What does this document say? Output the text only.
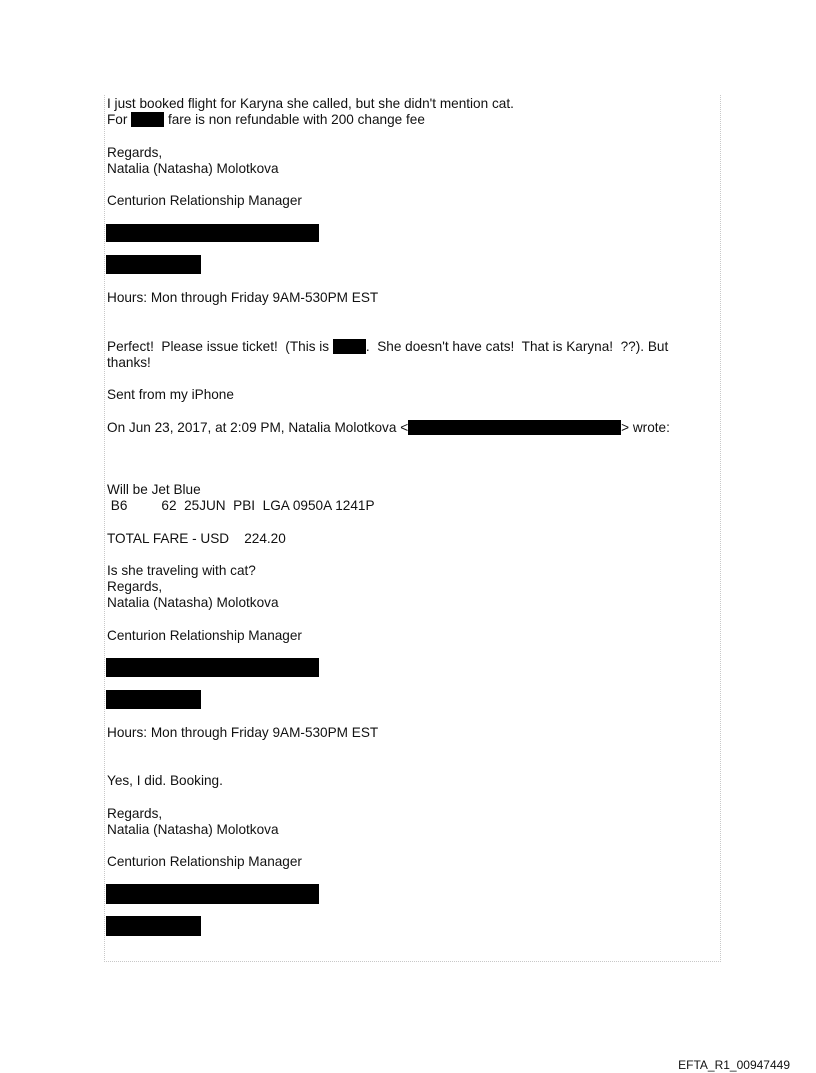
I just booked flight for Karyna she called, but she didn't mention cat.
For  fare is non refundable with 200 change fee
Regards,
Natalia (Natasha) Molotkova
Centurion Relationship Manager
Hours: Mon through Friday 9AM-530PM EST
Perfect!  Please issue ticket!  (This is .  She doesn't have cats!  That is Karyna!  ??). But
thanks!
Sent from my iPhone
On Jun 23, 2017, at 2:09 PM, Natalia Molotkova <	> wrote:
Will be Jet Blue
B6         62  25JUN  PBI  LGA 0950A 1241P
TOTAL FARE - USD    224.20
Is she traveling with cat?
Regards,
Natalia (Natasha) Molotkova
Centurion Relationship Manager
Hours: Mon through Friday 9AM-530PM EST
Yes, I did. Booking.
Regards,
Natalia (Natasha) Molotkova
Centurion Relationship Manager
EFTA_R1_00947449
